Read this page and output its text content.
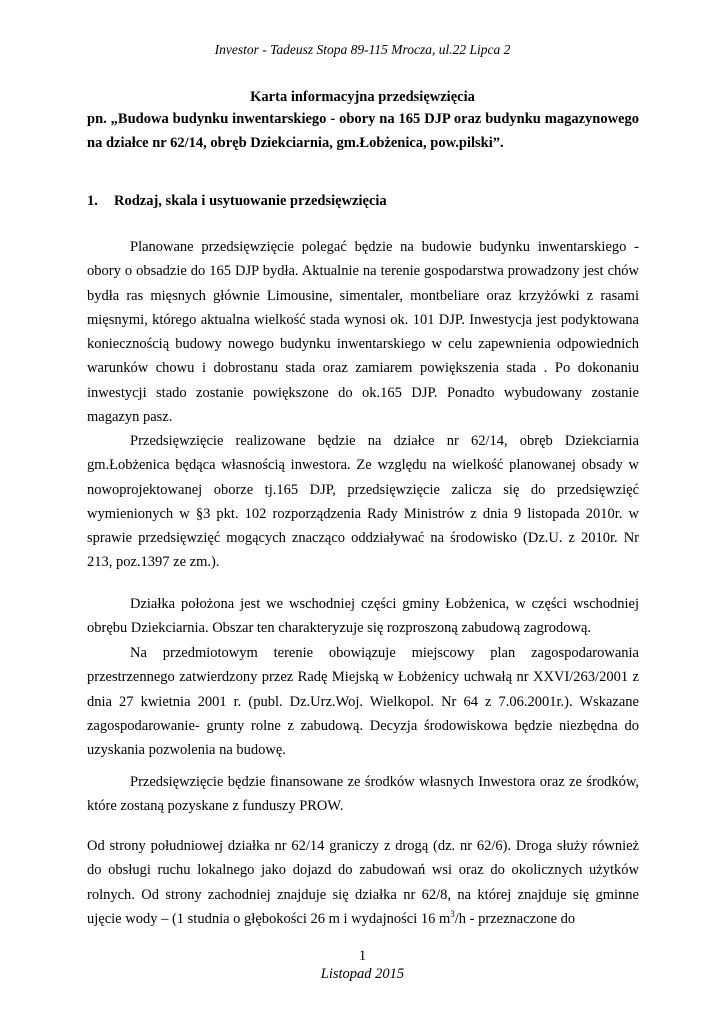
Investor - Tadeusz Stopa 89-115 Mrocza, ul.22 Lipca 2
Karta informacyjna przedsięwzięcia
pn. „Budowa budynku inwentarskiego - obory na 165 DJP oraz budynku magazynowego na działce nr 62/14, obręb Dziekciarnia, gm.Łobżenica, pow.pilski”.
1. Rodzaj, skala i usytuowanie przedsięwzięcia
Planowane przedsięwzięcie polegać będzie na budowie budynku inwentarskiego - obory o obsadzie do 165 DJP bydła. Aktualnie na terenie gospodarstwa prowadzony jest chów bydła ras mięsnych głównie Limousine, simentaler, montbeliare oraz krzyżówki z rasami mięsnymi, którego aktualna wielkość stada wynosi ok. 101 DJP. Inwestycja jest podyktowana koniecznością budowy nowego budynku inwentarskiego w celu zapewnienia odpowiednich warunków chowu i dobrostanu stada oraz zamiarem powiększenia stada . Po dokonaniu inwestycji stado zostanie powiększone do ok.165 DJP. Ponadto wybudowany zostanie magazyn pasz.
Przedsięwzięcie realizowane będzie na działce nr 62/14, obręb Dziekciarnia gm.Łobżenica będąca własnością inwestora. Ze względu na wielkość planowanej obsady w nowoprojektowanej oborze tj.165 DJP, przedsięwzięcie zalicza się do przedsięwzięć wymienionych w §3 pkt. 102 rozporządzenia Rady Ministrów z dnia 9 listopada 2010r. w sprawie przedsięwzięć mogących znacząco oddziaływać na środowisko (Dz.U. z 2010r. Nr 213, poz.1397 ze zm.).
Działka położona jest we wschodniej części gminy Łobżenica, w części wschodniej obrębu Dziekciarnia. Obszar ten charakteryzuje się rozproszoną zabudową zagrodową.
Na przedmiotowym terenie obowiązuje miejscowy plan zagospodarowania przestrzennego zatwierdzony przez Radę Miejską w Łobżenicy uchwałą nr XXVI/263/2001 z dnia 27 kwietnia 2001 r. (publ. Dz.Urz.Woj. Wielkopol. Nr 64 z 7.06.2001r.). Wskazane zagospodarowanie- grunty rolne z zabudową. Decyzja środowiskowa będzie niezbędna do uzyskania pozwolenia na budowę.
Przedsięwzięcie będzie finansowane ze środków własnych Inwestora oraz ze środków, które zostaną pozyskane z funduszy PROW.
Od strony południowej działka nr 62/14 graniczy z drogą (dz. nr 62/6). Droga służy również do obsługi ruchu lokalnego jako dojazd do zabudowań wsi oraz do okolicznych użytków rolnych. Od strony zachodniej znajduje się działka nr 62/8, na której znajduje się gminne ujęcie wody – (1 studnia o głębokości 26 m i wydajności 16 $m^3/h$ - przeznaczone do
1
Listopad 2015
